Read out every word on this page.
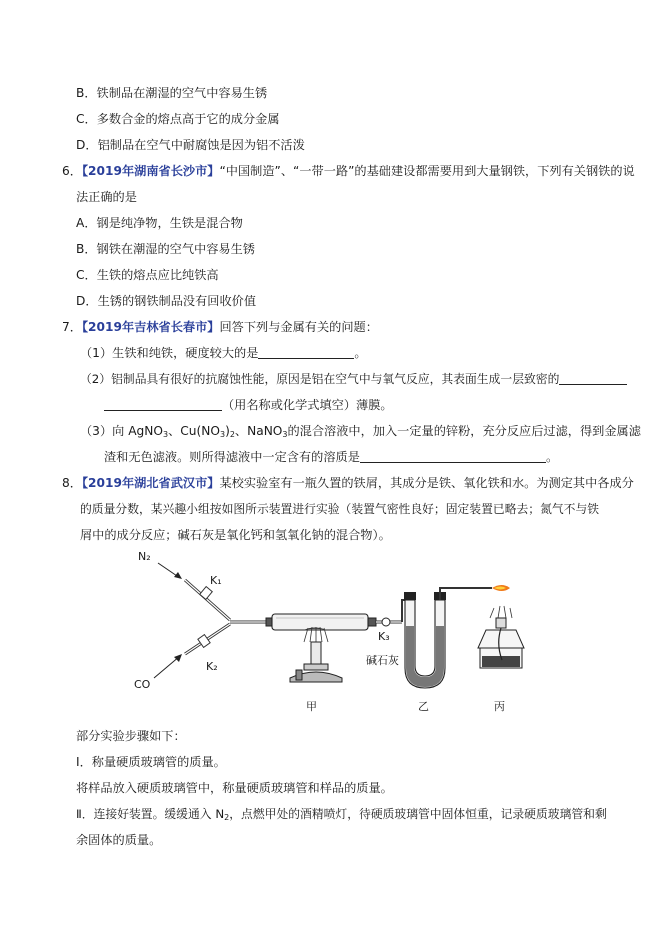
B．铁制品在潮湿的空气中容易生锈
C．多数合金的熔点高于它的成分金属
D．铝制品在空气中耐腐蚀是因为铝不活泼
6．【2019年湖南省长沙市】“中国制造”、“一带一路”的基础建设都需要用到大量钢铁，下列有关钢铁的说
法正确的是
A．钢是纯净物，生铁是混合物
B．钢铁在潮湿的空气中容易生锈
C．生铁的熔点应比纯铁高
D．生锈的钢铁制品没有回收价值
7．【2019年吉林省长春市】回答下列与金属有关的问题：
（1）生铁和纯铁，硬度较大的是	。
（2）铝制品具有很好的抗腐蚀性能，原因是铝在空气中与氧气反应，其表面生成一层致密的
（用名称或化学式填空）薄膜。
（3）向 AgNO$_3$、$Cu(NO_3)_2$、NaNO$_3$的混合溶液中，加入一定量的锌粉，充分反应后过滤，得到金属滤
渣和无色滤液。则所得滤液中一定含有的溶质是	。
8．【2019年湖北省武汉市】某校实验室有一瓶久置的铁屑，其成分是铁、氧化铁和水。为测定其中各成分
的质量分数，某兴趣小组按如图所示装置进行实验（装置气密性良好；固定装置已略去；氮气不与铁
屑中的成分反应；碱石灰是氧化钙和氢氧化钠的混合物）。
N₂
CO
K₁
K₂
K₃
碱石灰
甲	乙	丙
部分实验步骤如下：
Ⅰ．称量硬质玻璃管的质量。
将样品放入硬质玻璃管中，称量硬质玻璃管和样品的质量。
Ⅱ．连接好装置。缓缓通入 $N_2$，点燃甲处的酒精喷灯，待硬质玻璃管中固体恒重，记录硬质玻璃管和剩
余固体的质量。
